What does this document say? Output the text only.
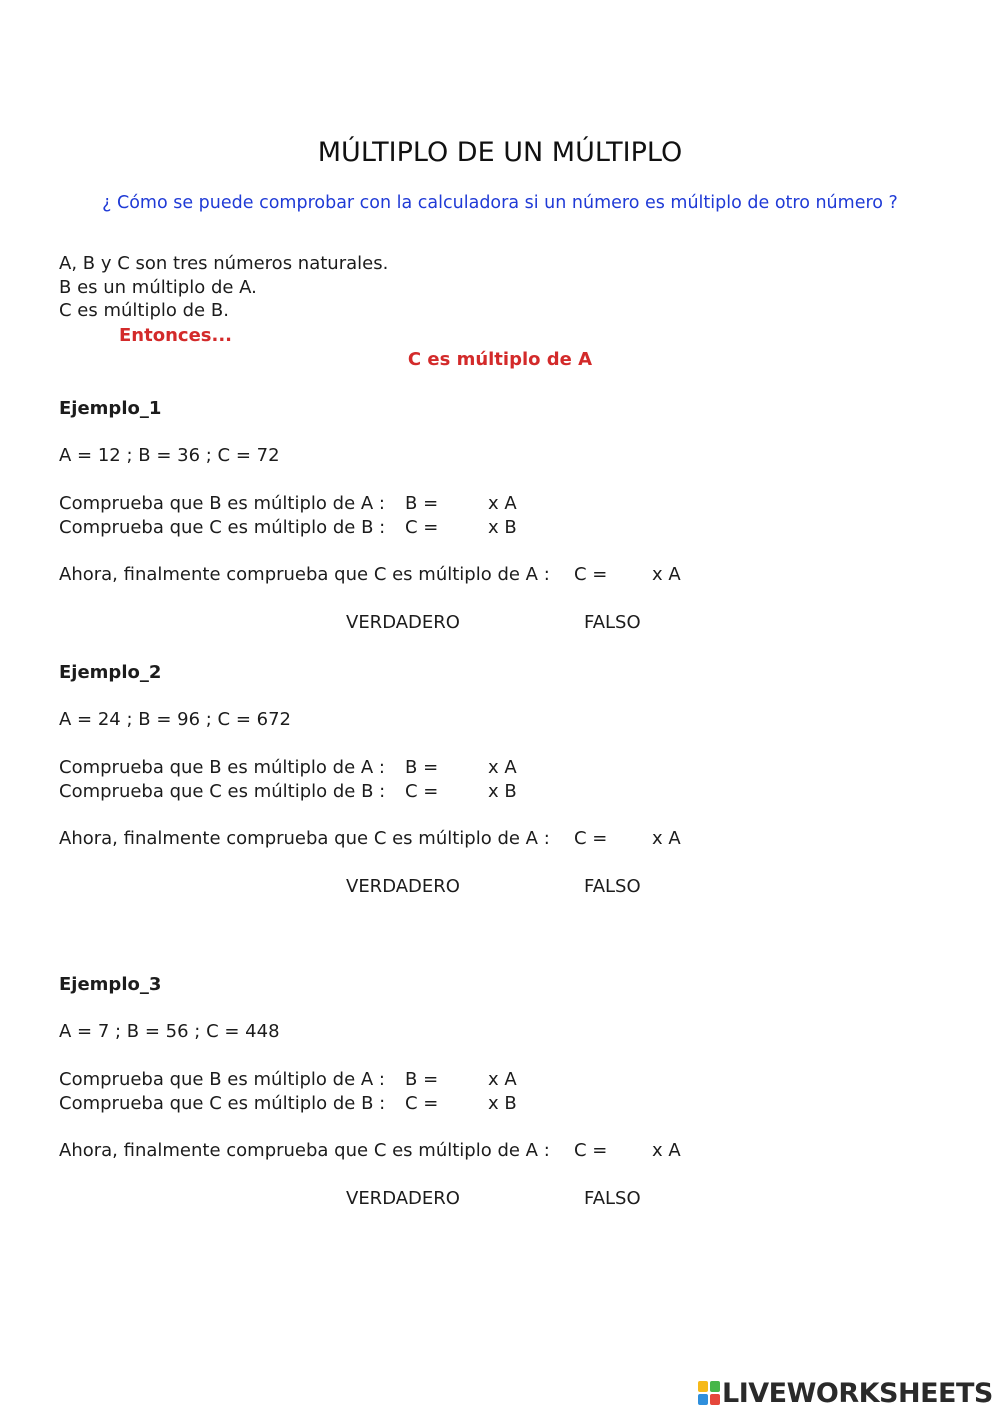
MÚLTIPLO DE UN MÚLTIPLO
¿ Cómo se puede comprobar con la calculadora si un número es múltiplo de otro número ?
A, B y C son tres números naturales.
B es un múltiplo de A.
C es múltiplo de B.
Entonces...
C es múltiplo de A
Ejemplo_1
A = 12 ; B = 36 ; C = 72
Comprueba que B es múltiplo de A : B =	x A
Comprueba que C es múltiplo de B : C =	x B
Ahora, finalmente comprueba que C es múltiplo de A : C = x A
VERDADERO	FALSO
Ejemplo_2
A = 24 ; B = 96 ; C = 672
Comprueba que B es múltiplo de A : B =	x A
Comprueba que C es múltiplo de B : C =	x B
Ahora, finalmente comprueba que C es múltiplo de A : C = x A
VERDADERO	FALSO
Ejemplo_3
A = 7 ; B = 56 ; C = 448
Comprueba que B es múltiplo de A : B =	x A
Comprueba que C es múltiplo de B : C =	x B
Ahora, finalmente comprueba que C es múltiplo de A : C = x A
VERDADERO	FALSO
LIVEWORKSHEETS
